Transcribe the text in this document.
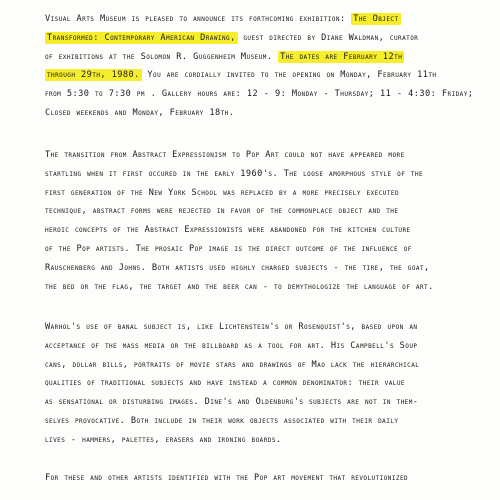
Visual Arts Museum is pleased to announce its forthcoming exhibition: The Object
Transformed: Contemporary American Drawing, guest directed by Diane Waldman, curator
of exhibitions at the Solomon R. Guggenheim Museum. The dates are February 12th
through 29th, 1980. You are cordially invited to the opening on Monday, February 11th
from 5:30 to 7:30 pm . Gallery hours are: 12 - 9: Monday - Thursday; 11 - 4:30: Friday;
Closed weekends and Monday, February 18th.
The transition from Abstract Expressionism to Pop Art could not have appeared more
startling when it first occured in the early 1960's. The loose amorphous style of the
first generation of the New York School was replaced by a more precisely executed
technique, abstract forms were rejected in favor of the commonplace object and the
heroic concepts of the Abstract Expressionists were abandoned for the kitchen culture
of the Pop artists. The prosaic Pop image is the direct outcome of the influence of
Rauschenberg and Johns. Both artists used highly charged subjects - the tire, the goat,
the bed or the flag, the target and the beer can - to demythologize the language of art.
Warhol's use of banal subject is, like Lichtenstein's or Rosenquist's, based upon an
acceptance of the mass media or the billboard as a tool for art. His Campbell's Soup
cans, dollar bills, portraits of movie stars and drawings of Mao lack the hierarchical
qualities of traditional subjects and have instead a common denominator: their value
as sensational or disturbing images. Dine's and Oldenburg's subjects are not in them-
selves provocative. Both include in their work objects associated with their daily
lives - hammers, palettes, erasers and ironing boards.
For these and other artists identified with the Pop art movement that revolutionized
